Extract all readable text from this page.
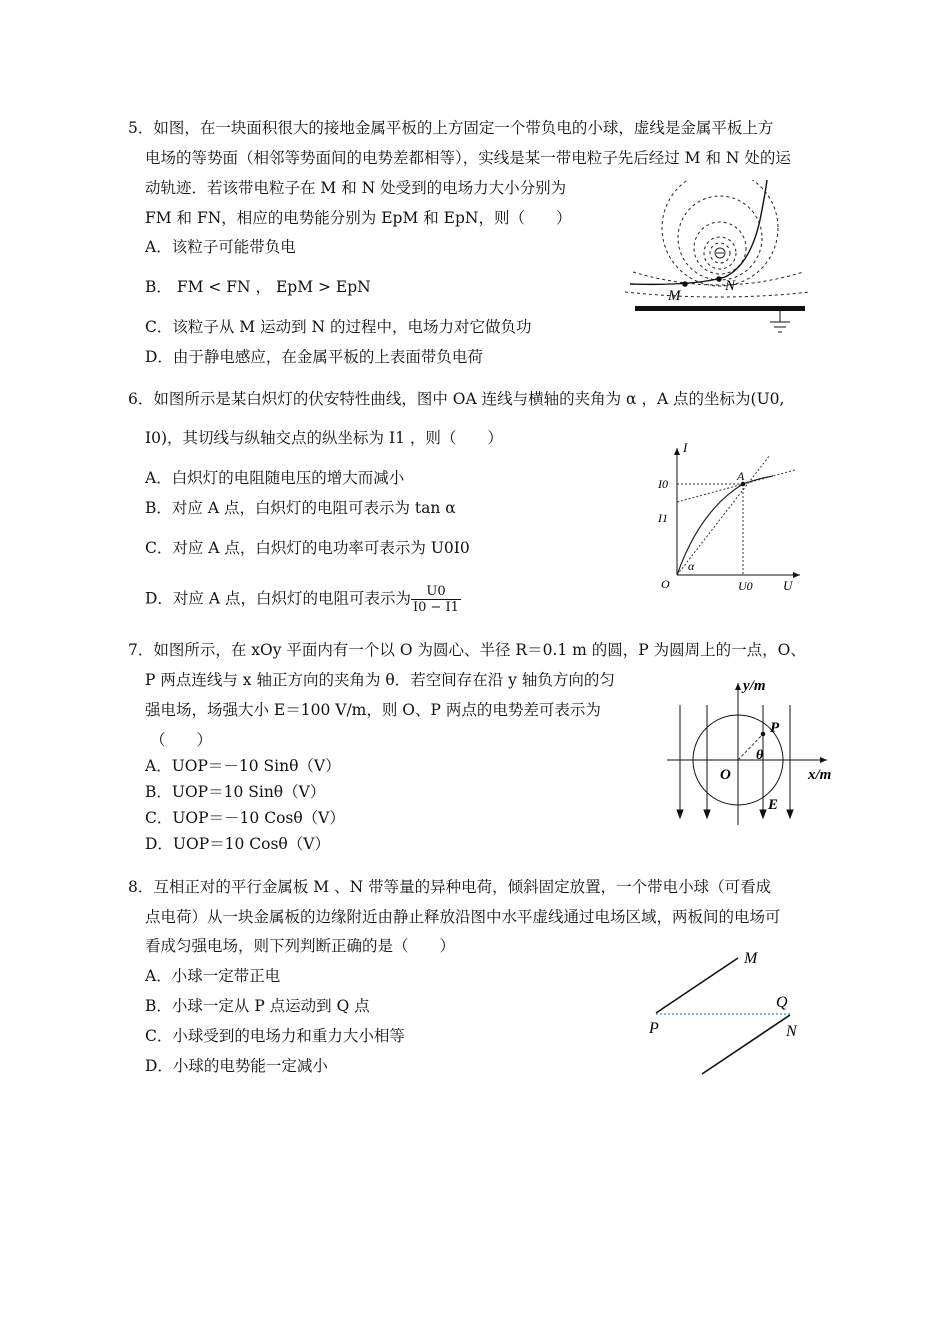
5．如图，在一块面积很大的接地金属平板的上方固定一个带负电的小球，虚线是金属平板上方
电场的等势面（相邻等势面间的电势差都相等），实线是某一带电粒子先后经过 M 和 N 处的运
动轨迹．若该带电粒子在 M 和 N 处受到的电场力大小分别为
FM 和 FN，相应的电势能分别为 EpM 和 EpN，则（　　）
A．该粒子可能带负电
B． FM < FN ， EpM > EpN
C．该粒子从 M 运动到 N 的过程中，电场力对它做负功
D．由于静电感应，在金属平板的上表面带负电荷
M
N
6．如图所示是某白炽灯的伏安特性曲线，图中 OA 连线与横轴的夹角为 α ，A 点的坐标为(U0,
I0)，其切线与纵轴交点的纵坐标为 I1 ，则（　　）
A．白炽灯的电阻随电压的增大而减小
B．对应 A 点，白炽灯的电阻可表示为 tan α
C．对应 A 点，白炽灯的电功率可表示为 U0I0
D．对应 A 点，白炽灯的电阻可表示为 $\frac{U0}{I0 - I1}$
I
U
O
A
I0
I1
U0
α
7．如图所示，在 xOy 平面内有一个以 O 为圆心、半径 R＝0.1 m 的圆，P 为圆周上的一点，O、
P 两点连线与 x 轴正方向的夹角为 θ．若空间存在沿 y 轴负方向的匀
强电场，场强大小 E＝100 V/m，则 O、P 两点的电势差可表示为
（　　）
A．UOP＝－10 Sinθ（V）
B．UOP＝10 Sinθ（V）
C．UOP＝－10 Cosθ（V）
D．UOP＝10 Cosθ（V）
y/m
x/m
O
P
θ
E
8．互相正对的平行金属板 M 、N 带等量的异种电荷，倾斜固定放置，一个带电小球（可看成
点电荷）从一块金属板的边缘附近由静止释放沿图中水平虚线通过电场区域，两板间的电场可
看成匀强电场，则下列判断正确的是（　　）
A．小球一定带正电
B．小球一定从 P 点运动到 Q 点
C．小球受到的电场力和重力大小相等
D．小球的电势能一定减小
M
N
P
Q
